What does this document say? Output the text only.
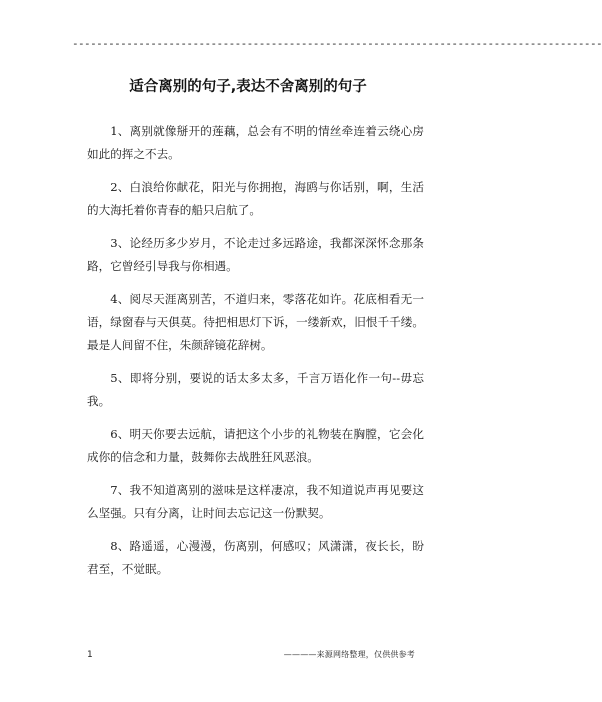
----------------------------------------------------------------------------------------
适合离别的句子,表达不舍离别的句子

1、离别就像掰开的莲藕，总会有不明的情丝牵连着云绕心房如此的挥之不去。

2、白浪给你献花，阳光与你拥抱，海鸥与你话别，啊，生活的大海托着你青春的船只启航了。

3、论经历多少岁月，不论走过多远路途，我都深深怀念那条路，它曾经引导我与你相遇。

4、阅尽天涯离别苦，不道归来，零落花如许。花底相看无一语，绿窗春与天俱莫。待把相思灯下诉，一缕新欢，旧恨千千缕。最是人间留不住，朱颜辞镜花辞树。

5、即将分别，要说的话太多太多，千言万语化作一句--毋忘我。

6、明天你要去远航，请把这个小步的礼物装在胸膛，它会化成你的信念和力量，鼓舞你去战胜狂风恶浪。

7、我不知道离别的滋味是这样凄凉，我不知道说声再见要这么坚强。只有分离，让时间去忘记这一份默契。

8、路遥遥，心漫漫，伤离别，何感叹；风潇潇，夜长长，盼君至，不觉眠。

1	————来源网络整理，仅供供参考
